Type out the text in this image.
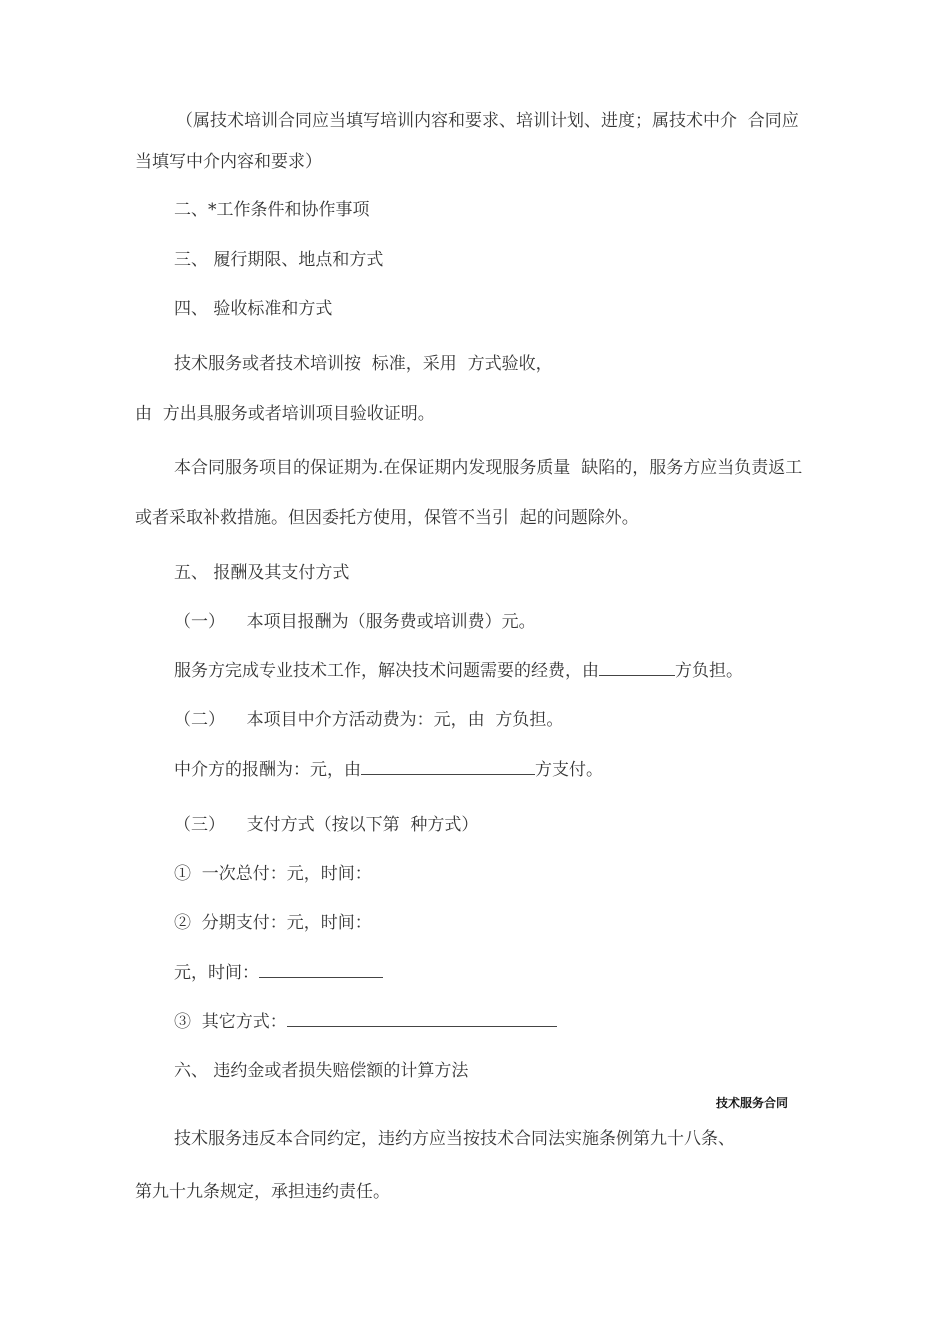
（属技术培训合同应当填写培训内容和要求、培训计划、进度；属技术中介  合同应
当填写中介内容和要求）
二、*工作条件和协作事项
三、 履行期限、地点和方式
四、 验收标准和方式
技术服务或者技术培训按  标准，采用  方式验收，
由  方出具服务或者培训项目验收证明。
本合同服务项目的保证期为.在保证期内发现服务质量  缺陷的，服务方应当负责返工
或者采取补救措施。但因委托方使用，保管不当引  起的问题除外。
五、 报酬及其支付方式
（一）    本项目报酬为（服务费或培训费）元。
服务方完成专业技术工作，解决技术问题需要的经费，由	方负担。
（二）    本项目中介方活动费为：元，由  方负担。
中介方的报酬为：元，由	方支付。
（三）    支付方式（按以下第  种方式）
①  一次总付：元，时间：
②  分期支付：元，时间：
元，时间：
③  其它方式：
六、 违约金或者损失赔偿额的计算方法
技术服务合同
技术服务违反本合同约定，违约方应当按技术合同法实施条例第九十八条、
第九十九条规定，承担违约责任。
